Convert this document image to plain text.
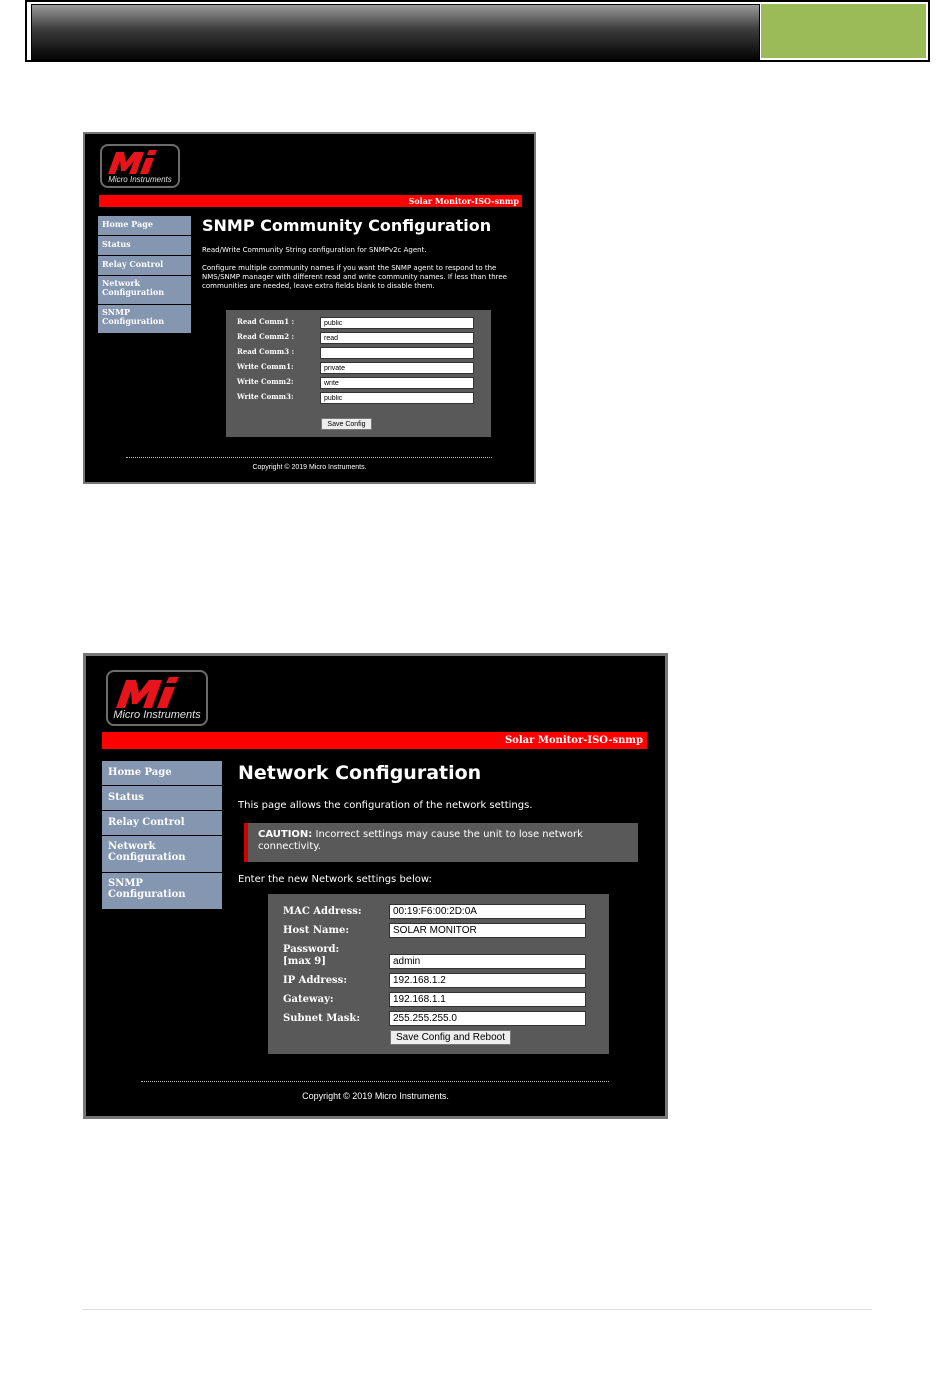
Micro Instruments
Solar Monitor-ISO-snmp
Home Page
Status
Relay Control
Network Configuration
SNMP Configuration
SNMP Community Configuration
Read/Write Community String configuration for SNMPv2c Agent.
Configure multiple community names if you want the SNMP agent to respond to the NMS/SNMP manager with different read and write community names. If less than three communities are needed, leave extra fields blank to disable them.
Read Comm1 :
public
Read Comm2 :
read
Read Comm3 :
Write Comm1:
private
Write Comm2:
write
Write Comm3:
public
Save Config
Copyright © 2019 Micro Instruments.
Micro Instruments
Solar Monitor-ISO-snmp
Home Page
Status
Relay Control
Network Configuration
SNMP Configuration
Network Configuration
This page allows the configuration of the network settings.
CAUTION: Incorrect settings may cause the unit to lose network connectivity.
Enter the new Network settings below:
MAC Address:
00:19:F6:00:2D:0A
Host Name:
SOLAR MONITOR
Password:
[max 9]
admin
IP Address:
192.168.1.2
Gateway:
192.168.1.1
Subnet Mask:
255.255.255.0
Save Config and Reboot
Copyright © 2019 Micro Instruments.
